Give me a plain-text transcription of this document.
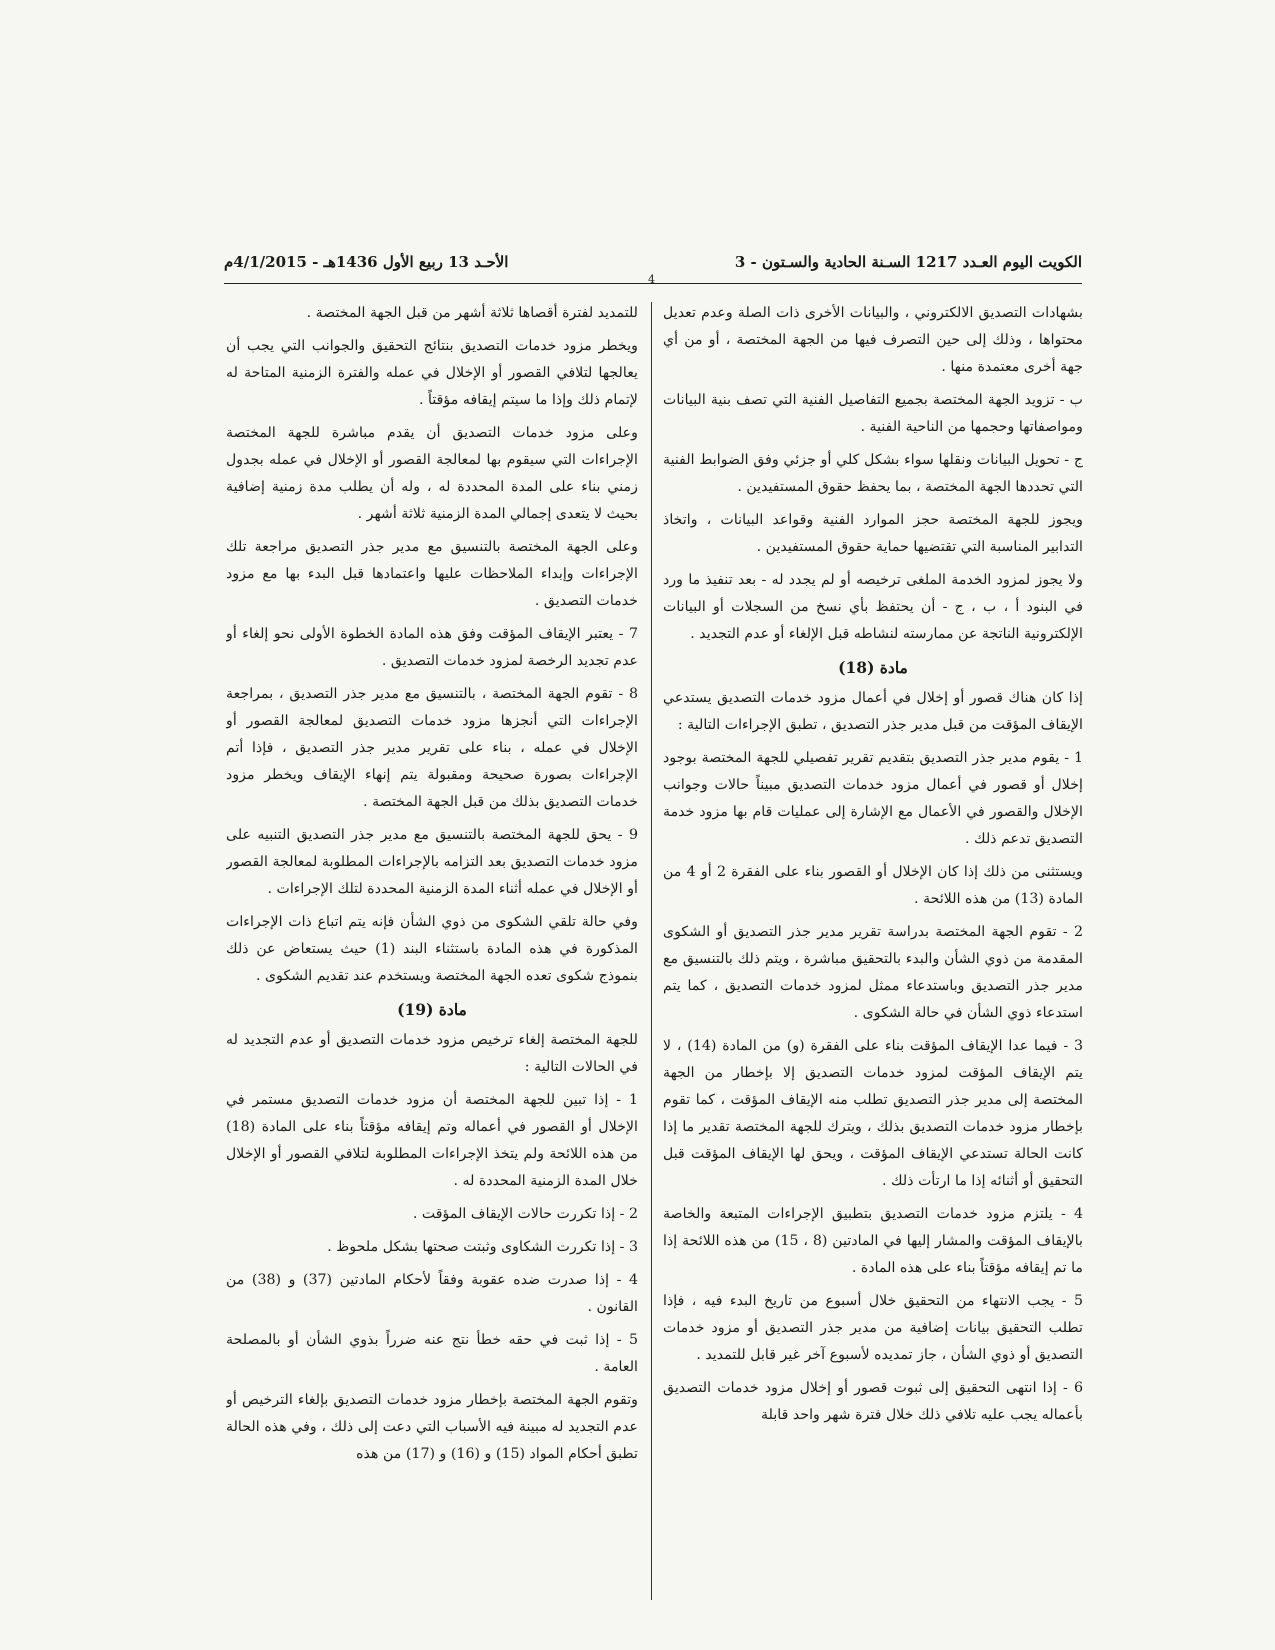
الكويت اليوم العـدد 1217 السـنة الحادية والسـتون - 3
الأحـد 13 ربيع الأول 1436هـ - 4/1/2015م
4

بشهادات التصديق الالكتروني ، والبيانات الأخرى ذات الصلة وعدم تعديل محتواها ، وذلك إلى حين التصرف فيها من الجهة المختصة ، أو من أي جهة أخرى معتمدة منها .

ب - تزويد الجهة المختصة بجميع التفاصيل الفنية التي تصف بنية البيانات ومواصفاتها وحجمها من الناحية الفنية .

ج - تحويل البيانات ونقلها سواء بشكل كلي أو جزئي وفق الضوابط الفنية التي تحددها الجهة المختصة ، بما يحفظ حقوق المستفيدين .

ويجوز للجهة المختصة حجز الموارد الفنية وقواعد البيانات ، واتخاذ التدابير المناسبة التي تقتضيها حماية حقوق المستفيدين .

ولا يجوز لمزود الخدمة الملغى ترخيصه أو لم يجدد له - بعد تنفيذ ما ورد في البنود أ ، ب ، ج - أن يحتفظ بأي نسخ من السجلات أو البيانات الإلكترونية الناتجة عن ممارسته لنشاطه قبل الإلغاء أو عدم التجديد .

مادة (18)

إذا كان هناك قصور أو إخلال في أعمال مزود خدمات التصديق يستدعي الإيقاف المؤقت من قبل مدير جذر التصديق ، تطبق الإجراءات التالية :

1 - يقوم مدير جذر التصديق بتقديم تقرير تفصيلي للجهة المختصة بوجود إخلال أو قصور في أعمال مزود خدمات التصديق مبيناً حالات وجوانب الإخلال والقصور في الأعمال مع الإشارة إلى عمليات قام بها مزود خدمة التصديق تدعم ذلك .

ويستثنى من ذلك إذا كان الإخلال أو القصور بناء على الفقرة 2 أو 4 من المادة (13) من هذه اللائحة .

2 - تقوم الجهة المختصة بدراسة تقرير مدير جذر التصديق أو الشكوى المقدمة من ذوي الشأن والبدء بالتحقيق مباشرة ، ويتم ذلك بالتنسيق مع مدير جذر التصديق وباستدعاء ممثل لمزود خدمات التصديق ، كما يتم استدعاء ذوي الشأن في حالة الشكوى .

3 - فيما عدا الإيقاف المؤقت بناء على الفقرة (و) من المادة (14) ، لا يتم الإيقاف المؤقت لمزود خدمات التصديق إلا بإخطار من الجهة المختصة إلى مدير جذر التصديق تطلب منه الإيقاف المؤقت ، كما تقوم بإخطار مزود خدمات التصديق بذلك ، ويترك للجهة المختصة تقدير ما إذا كانت الحالة تستدعي الإيقاف المؤقت ، ويحق لها الإيقاف المؤقت قبل التحقيق أو أثنائه إذا ما ارتأت ذلك .

4 - يلتزم مزود خدمات التصديق بتطبيق الإجراءات المتبعة والخاصة بالإيقاف المؤقت والمشار إليها في المادتين (8 ، 15) من هذه اللائحة إذا ما تم إيقافه مؤقتاً بناء على هذه المادة .

5 - يجب الانتهاء من التحقيق خلال أسبوع من تاريخ البدء فيه ، فإذا تطلب التحقيق بيانات إضافية من مدير جذر التصديق أو مزود خدمات التصديق أو ذوي الشأن ، جاز تمديده لأسبوع آخر غير قابل للتمديد .

6 - إذا انتهى التحقيق إلى ثبوت قصور أو إخلال مزود خدمات التصديق بأعماله يجب عليه تلافي ذلك خلال فترة شهر واحد قابلة

للتمديد لفترة أقصاها ثلاثة أشهر من قبل الجهة المختصة .

ويخطر مزود خدمات التصديق بنتائج التحقيق والجوانب التي يجب أن يعالجها لتلافي القصور أو الإخلال في عمله والفترة الزمنية المتاحة له لإتمام ذلك وإذا ما سيتم إيقافه مؤقتاً .

وعلى مزود خدمات التصديق أن يقدم مباشرة للجهة المختصة الإجراءات التي سيقوم بها لمعالجة القصور أو الإخلال في عمله بجدول زمني بناء على المدة المحددة له ، وله أن يطلب مدة زمنية إضافية بحيث لا يتعدى إجمالي المدة الزمنية ثلاثة أشهر .

وعلى الجهة المختصة بالتنسيق مع مدير جذر التصديق مراجعة تلك الإجراءات وإبداء الملاحظات عليها واعتمادها قبل البدء بها مع مزود خدمات التصديق .

7 - يعتبر الإيقاف المؤقت وفق هذه المادة الخطوة الأولى نحو إلغاء أو عدم تجديد الرخصة لمزود خدمات التصديق .

8 - تقوم الجهة المختصة ، بالتنسيق مع مدير جذر التصديق ، بمراجعة الإجراءات التي أنجزها مزود خدمات التصديق لمعالجة القصور أو الإخلال في عمله ، بناء على تقرير مدير جذر التصديق ، فإذا أتم الإجراءات بصورة صحيحة ومقبولة يتم إنهاء الإيقاف ويخطر مزود خدمات التصديق بذلك من قبل الجهة المختصة .

9 - يحق للجهة المختصة بالتنسيق مع مدير جذر التصديق التنبيه على مزود خدمات التصديق بعد التزامه بالإجراءات المطلوبة لمعالجة القصور أو الإخلال في عمله أثناء المدة الزمنية المحددة لتلك الإجراءات .

وفي حالة تلقي الشكوى من ذوي الشأن فإنه يتم اتباع ذات الإجراءات المذكورة في هذه المادة باستثناء البند (1) حيث يستعاض عن ذلك بنموذج شكوى تعده الجهة المختصة ويستخدم عند تقديم الشكوى .

مادة (19)

للجهة المختصة إلغاء ترخيص مزود خدمات التصديق أو عدم التجديد له في الحالات التالية :

1 - إذا تبين للجهة المختصة أن مزود خدمات التصديق مستمر في الإخلال أو القصور في أعماله وتم إيقافه مؤقتاً بناء على المادة (18) من هذه اللائحة ولم يتخذ الإجراءات المطلوبة لتلافي القصور أو الإخلال خلال المدة الزمنية المحددة له .

2 - إذا تكررت حالات الإيقاف المؤقت .

3 - إذا تكررت الشكاوى وثبتت صحتها بشكل ملحوظ .

4 - إذا صدرت ضده عقوبة وفقاً لأحكام المادتين (37) و (38) من القانون .

5 - إذا ثبت في حقه خطأ نتج عنه ضرراً بذوي الشأن أو بالمصلحة العامة .

وتقوم الجهة المختصة بإخطار مزود خدمات التصديق بإلغاء الترخيص أو عدم التجديد له مبينة فيه الأسباب التي دعت إلى ذلك ، وفي هذه الحالة تطبق أحكام المواد (15) و (16) و (17) من هذه
